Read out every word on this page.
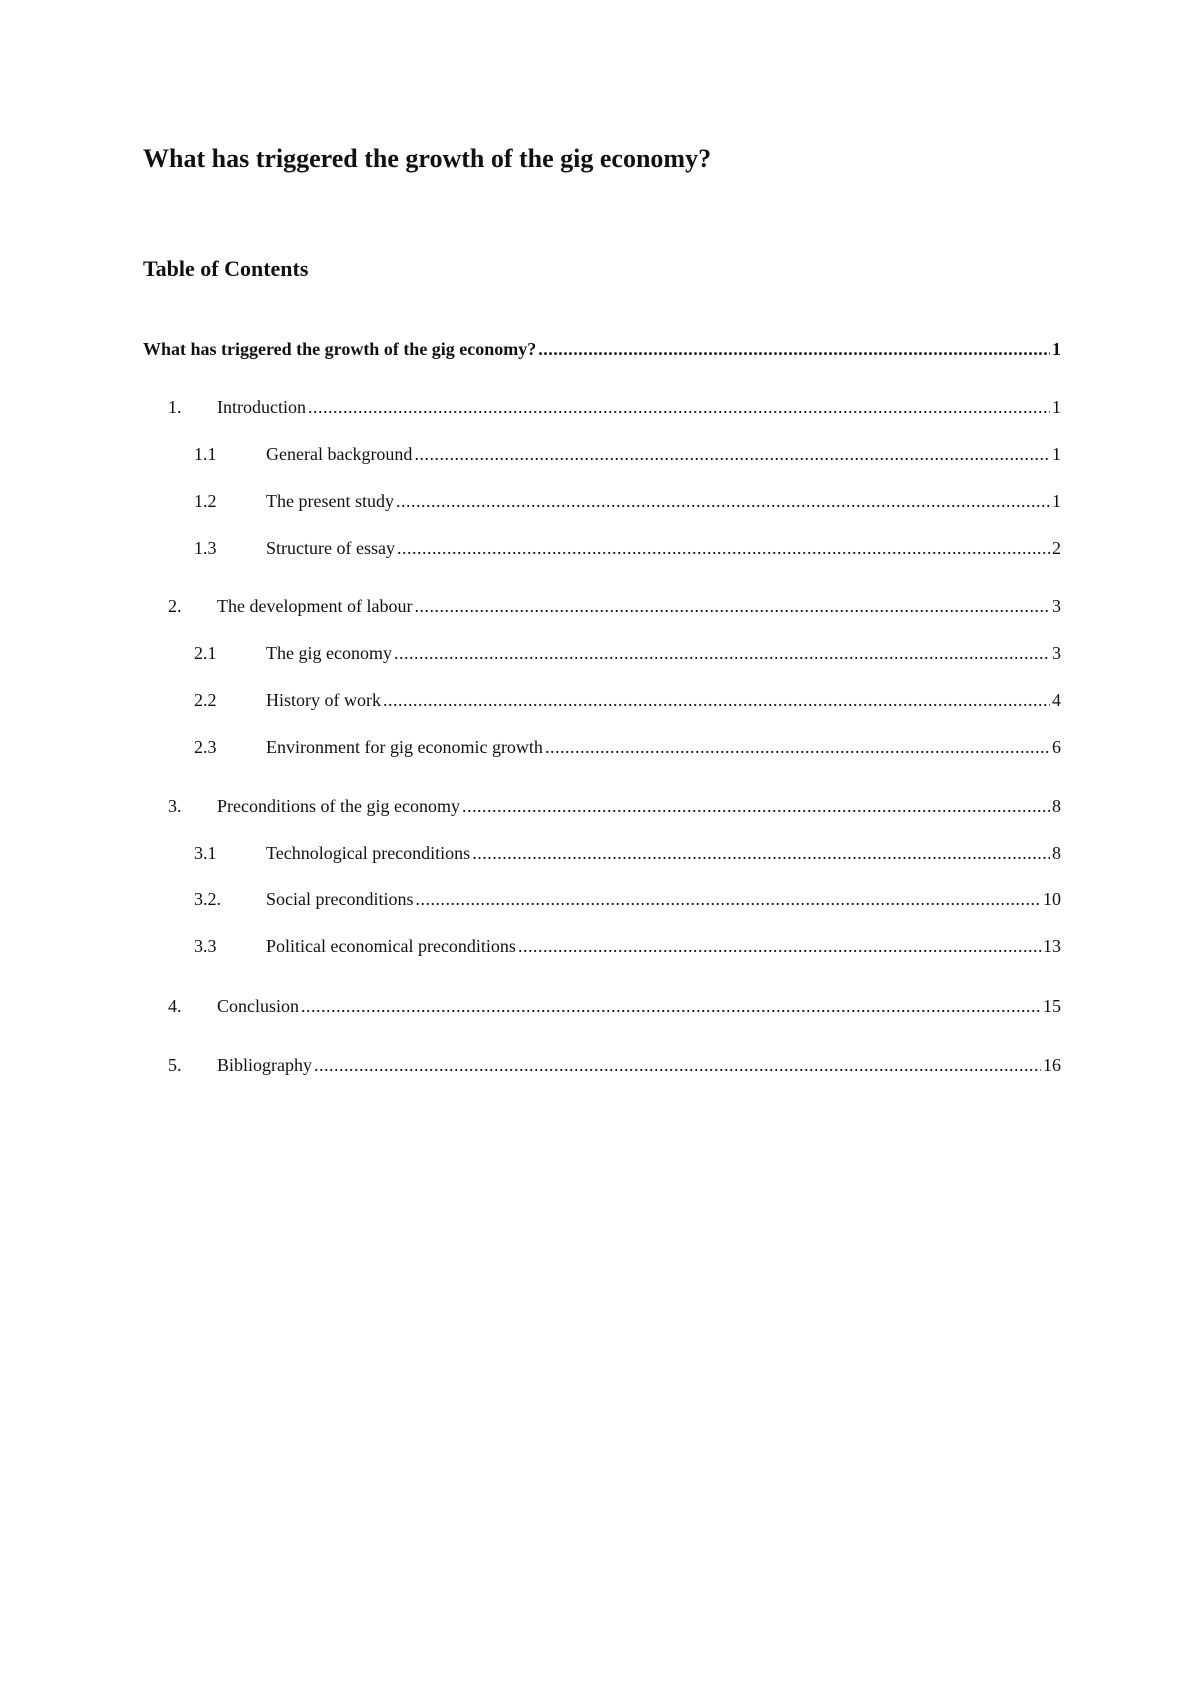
What has triggered the growth of the gig economy?
Table of Contents
What has triggered the growth of the gig economy? .....	1
1.	Introduction .....	1
1.1	General background .....	1
1.2	The present study .....	1
1.3	Structure of essay .....	2
2.	The development of labour .....	3
2.1	The gig economy .....	3
2.2	History of work .....	4
2.3	Environment for gig economic growth .....	6
3.	Preconditions of the gig economy .....	8
3.1	Technological preconditions .....	8
3.2.	Social preconditions .....	10
3.3	Political economical preconditions .....	13
4.	Conclusion .....	15
5.	Bibliography .....	16
